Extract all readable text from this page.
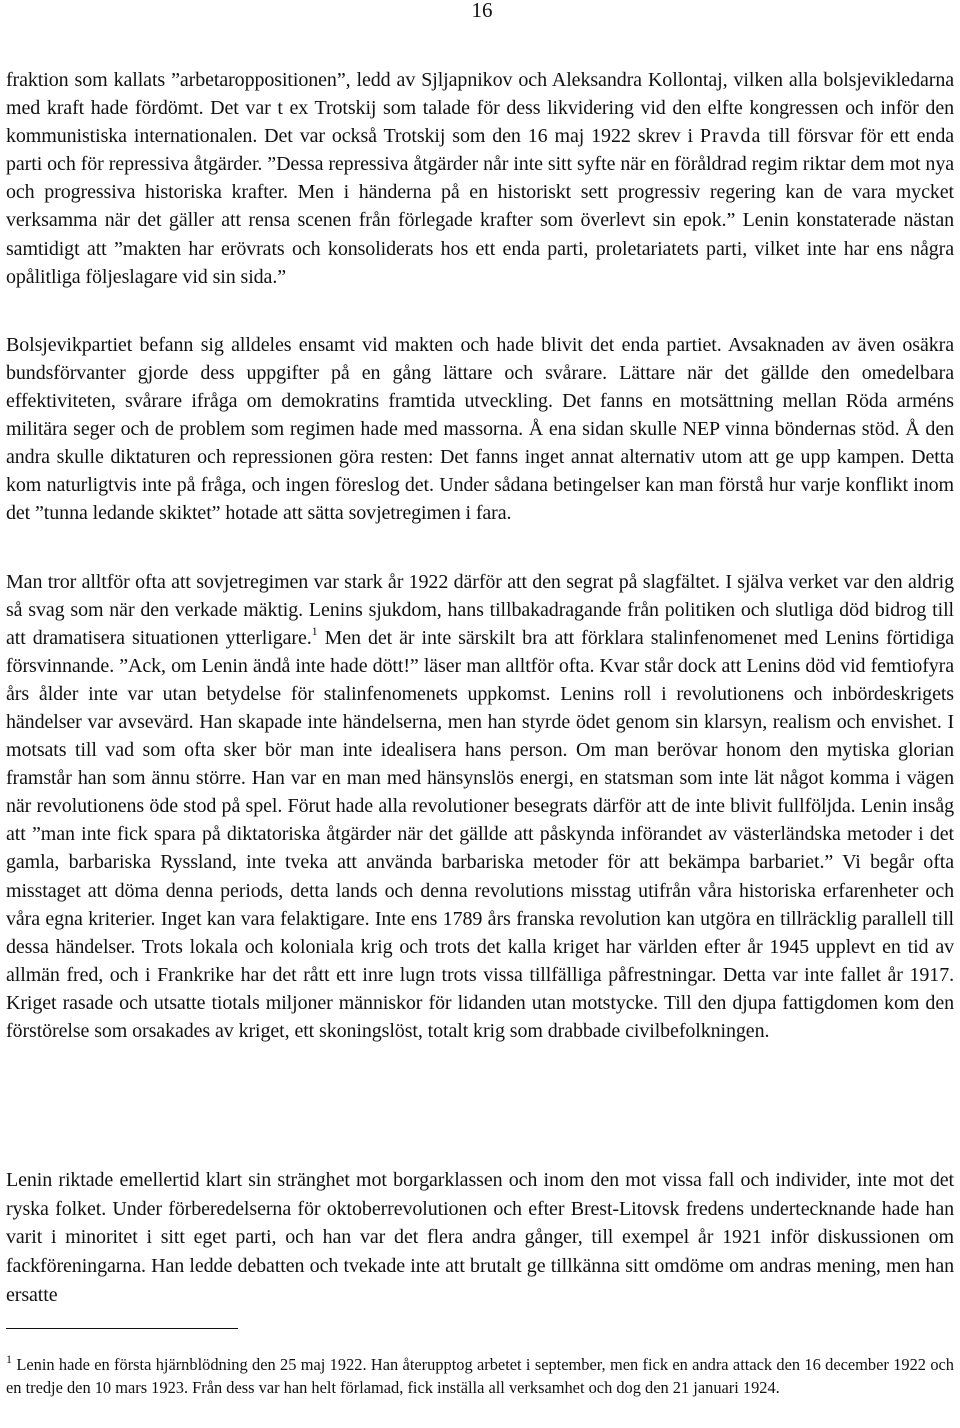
16

fraktion som kallats ”arbetaroppositionen”, ledd av Sjljapnikov och Aleksandra Kollontaj, vilken alla bolsjevikledarna med kraft hade fördömt. Det var t ex Trotskij som talade för dess likvidering vid den elfte kongressen och inför den kommunistiska internationalen. Det var också Trotskij som den 16 maj 1922 skrev i Pravda till försvar för ett enda parti och för repressiva åtgärder. ”Dessa repressiva åtgärder når inte sitt syfte när en föråldrad regim riktar dem mot nya och progressiva historiska krafter. Men i händerna på en historiskt sett progressiv regering kan de vara mycket verksamma när det gäller att rensa scenen från förlegade krafter som överlevt sin epok.” Lenin konstaterade nästan samtidigt att ”makten har erövrats och konsoliderats hos ett enda parti, proletariatets parti, vilket inte har ens några opålitliga följeslagare vid sin sida.”

Bolsjevikpartiet befann sig alldeles ensamt vid makten och hade blivit det enda partiet. Avsaknaden av även osäkra bundsförvanter gjorde dess uppgifter på en gång lättare och svårare. Lättare när det gällde den omedelbara effektiviteten, svårare ifråga om demokratins framtida utveckling. Det fanns en motsättning mellan Röda arméns militära seger och de problem som regimen hade med massorna. Å ena sidan skulle NEP vinna böndernas stöd. Å den andra skulle diktaturen och repressionen göra resten: Det fanns inget annat alternativ utom att ge upp kampen. Detta kom naturligtvis inte på fråga, och ingen föreslog det. Under sådana betingelser kan man förstå hur varje konflikt inom det ”tunna ledande skiktet” hotade att sätta sovjetregimen i fara.

Man tror alltför ofta att sovjetregimen var stark år 1922 därför att den segrat på slagfältet. I själva verket var den aldrig så svag som när den verkade mäktig. Lenins sjukdom, hans tillbakadragande från politiken och slutliga död bidrog till att dramatisera situationen ytterligare.$^1$ Men det är inte särskilt bra att förklara stalinfenomenet med Lenins förtidiga försvinnande. ”Ack, om Lenin ändå inte hade dött!” läser man alltför ofta. Kvar står dock att Lenins död vid femtiofyra års ålder inte var utan betydelse för stalinfenomenets uppkomst. Lenins roll i revolutionens och inbördeskrigets händelser var avsevärd. Han skapade inte händelserna, men han styrde ödet genom sin klarsyn, realism och envishet. I motsats till vad som ofta sker bör man inte idealisera hans person. Om man berövar honom den mytiska glorian framstår han som ännu större. Han var en man med hänsynslös energi, en statsman som inte lät något komma i vägen när revolutionens öde stod på spel. Förut hade alla revolutioner besegrats därför att de inte blivit fullföljda. Lenin insåg att ”man inte fick spara på diktatoriska åtgärder när det gällde att påskynda införandet av västerländska metoder i det gamla, barbariska Ryssland, inte tveka att använda barbariska metoder för att bekämpa barbariet.” Vi begår ofta misstaget att döma denna periods, detta lands och denna revolutions misstag utifrån våra historiska erfarenheter och våra egna kriterier. Inget kan vara felaktigare. Inte ens 1789 års franska revolution kan utgöra en tillräcklig parallell till dessa händelser. Trots lokala och koloniala krig och trots det kalla kriget har världen efter år 1945 upplevt en tid av allmän fred, och i Frankrike har det rått ett inre lugn trots vissa tillfälliga påfrestningar. Detta var inte fallet år 1917. Kriget rasade och utsatte tiotals miljoner människor för lidanden utan motstycke. Till den djupa fattigdomen kom den förstörelse som orsakades av kriget, ett skoningslöst, totalt krig som drabbade civilbefolkningen.

Lenin riktade emellertid klart sin stränghet mot borgarklassen och inom den mot vissa fall och individer, inte mot det ryska folket. Under förberedelserna för oktoberrevolutionen och efter Brest-Litovsk fredens undertecknande hade han varit i minoritet i sitt eget parti, och han var det flera andra gånger, till exempel år 1921 inför diskussionen om fackföreningarna. Han ledde debatten och tvekade inte att brutalt ge tillkänna sitt omdöme om andras mening, men han ersatte

$^1$ Lenin hade en första hjärnblödning den 25 maj 1922. Han återupptog arbetet i september, men fick en andra attack den 16 december 1922 och en tredje den 10 mars 1923. Från dess var han helt förlamad, fick inställa all verksamhet och dog den 21 januari 1924.
